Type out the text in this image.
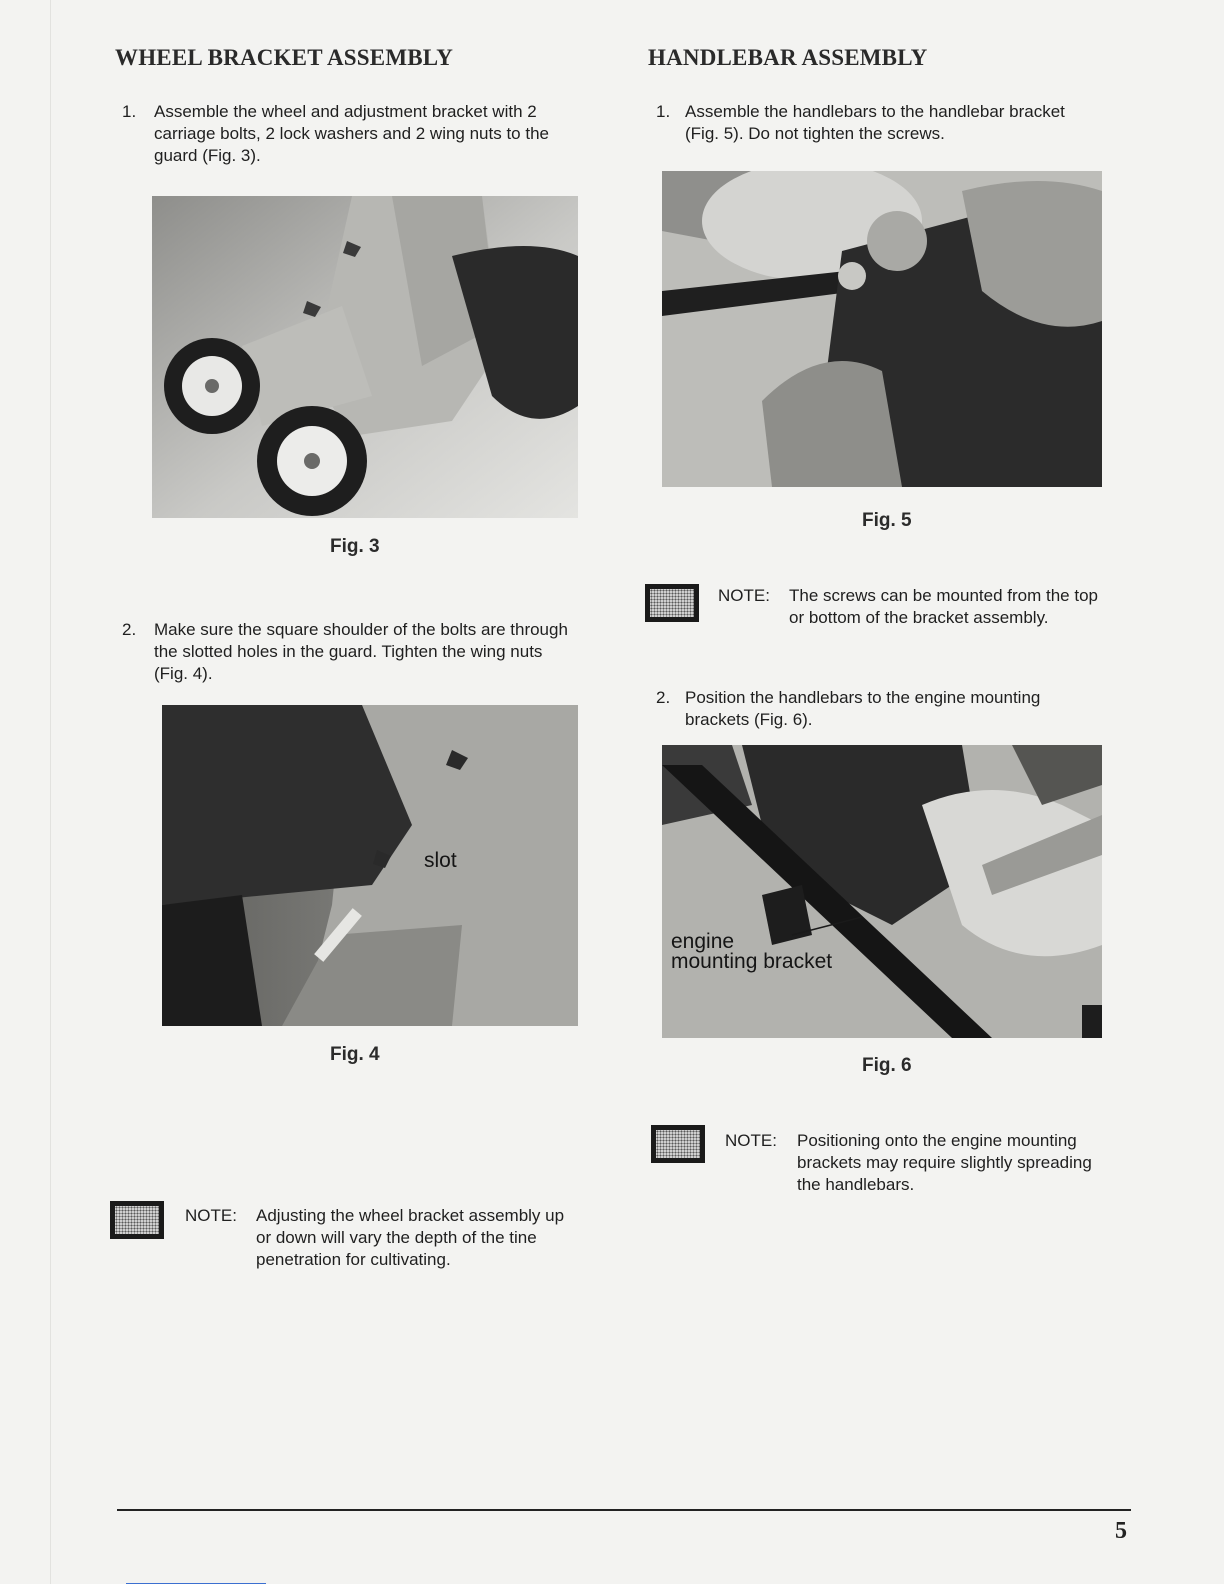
WHEEL BRACKET ASSEMBLY
1. Assemble the wheel and adjustment bracket with 2
carriage bolts, 2 lock washers and 2 wing nuts to the
guard (Fig. 3).
Fig. 3
2. Make sure the square shoulder of the bolts are through
the slotted holes in the guard. Tighten the wing nuts
(Fig. 4).
slot
Fig. 4
NOTE: Adjusting the wheel bracket assembly up
or down will vary the depth of the tine
penetration for cultivating.
HANDLEBAR ASSEMBLY
1. Assemble the handlebars to the handlebar bracket
(Fig. 5). Do not tighten the screws.
Fig. 5
NOTE: The screws can be mounted from the top
or bottom of the bracket assembly.
2. Position the handlebars to the engine mounting
brackets (Fig. 6).
engine
mounting bracket
Fig. 6
NOTE: Positioning onto the engine mounting
brackets may require slightly spreading
the handlebars.
5
